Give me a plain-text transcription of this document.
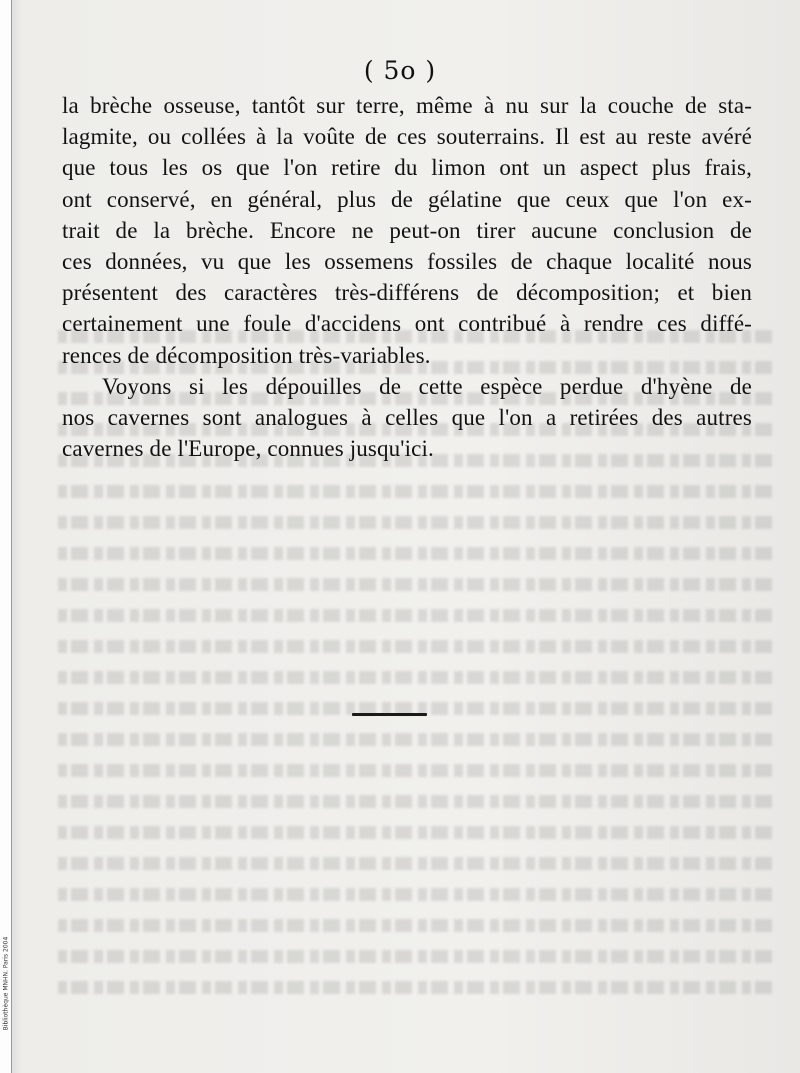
Bibliothèque MNHN. Paris 2004
( 5o )
la brèche osseuse, tantôt sur terre, même à nu sur la couche de sta-
lagmite, ou collées à la voûte de ces souterrains. Il est au reste avéré
que tous les os que l'on retire du limon ont un aspect plus frais,
ont conservé, en général, plus de gélatine que ceux que l'on ex-
trait de la brèche. Encore ne peut-on tirer aucune conclusion de
ces données, vu que les ossemens fossiles de chaque localité nous
présentent des caractères très-différens de décomposition; et bien
certainement une foule d'accidens ont contribué à rendre ces diffé-
rences de décomposition très-variables.
Voyons si les dépouilles de cette espèce perdue d'hyène de
nos cavernes sont analogues à celles que l'on a retirées des autres
cavernes de l'Europe, connues jusqu'ici.
